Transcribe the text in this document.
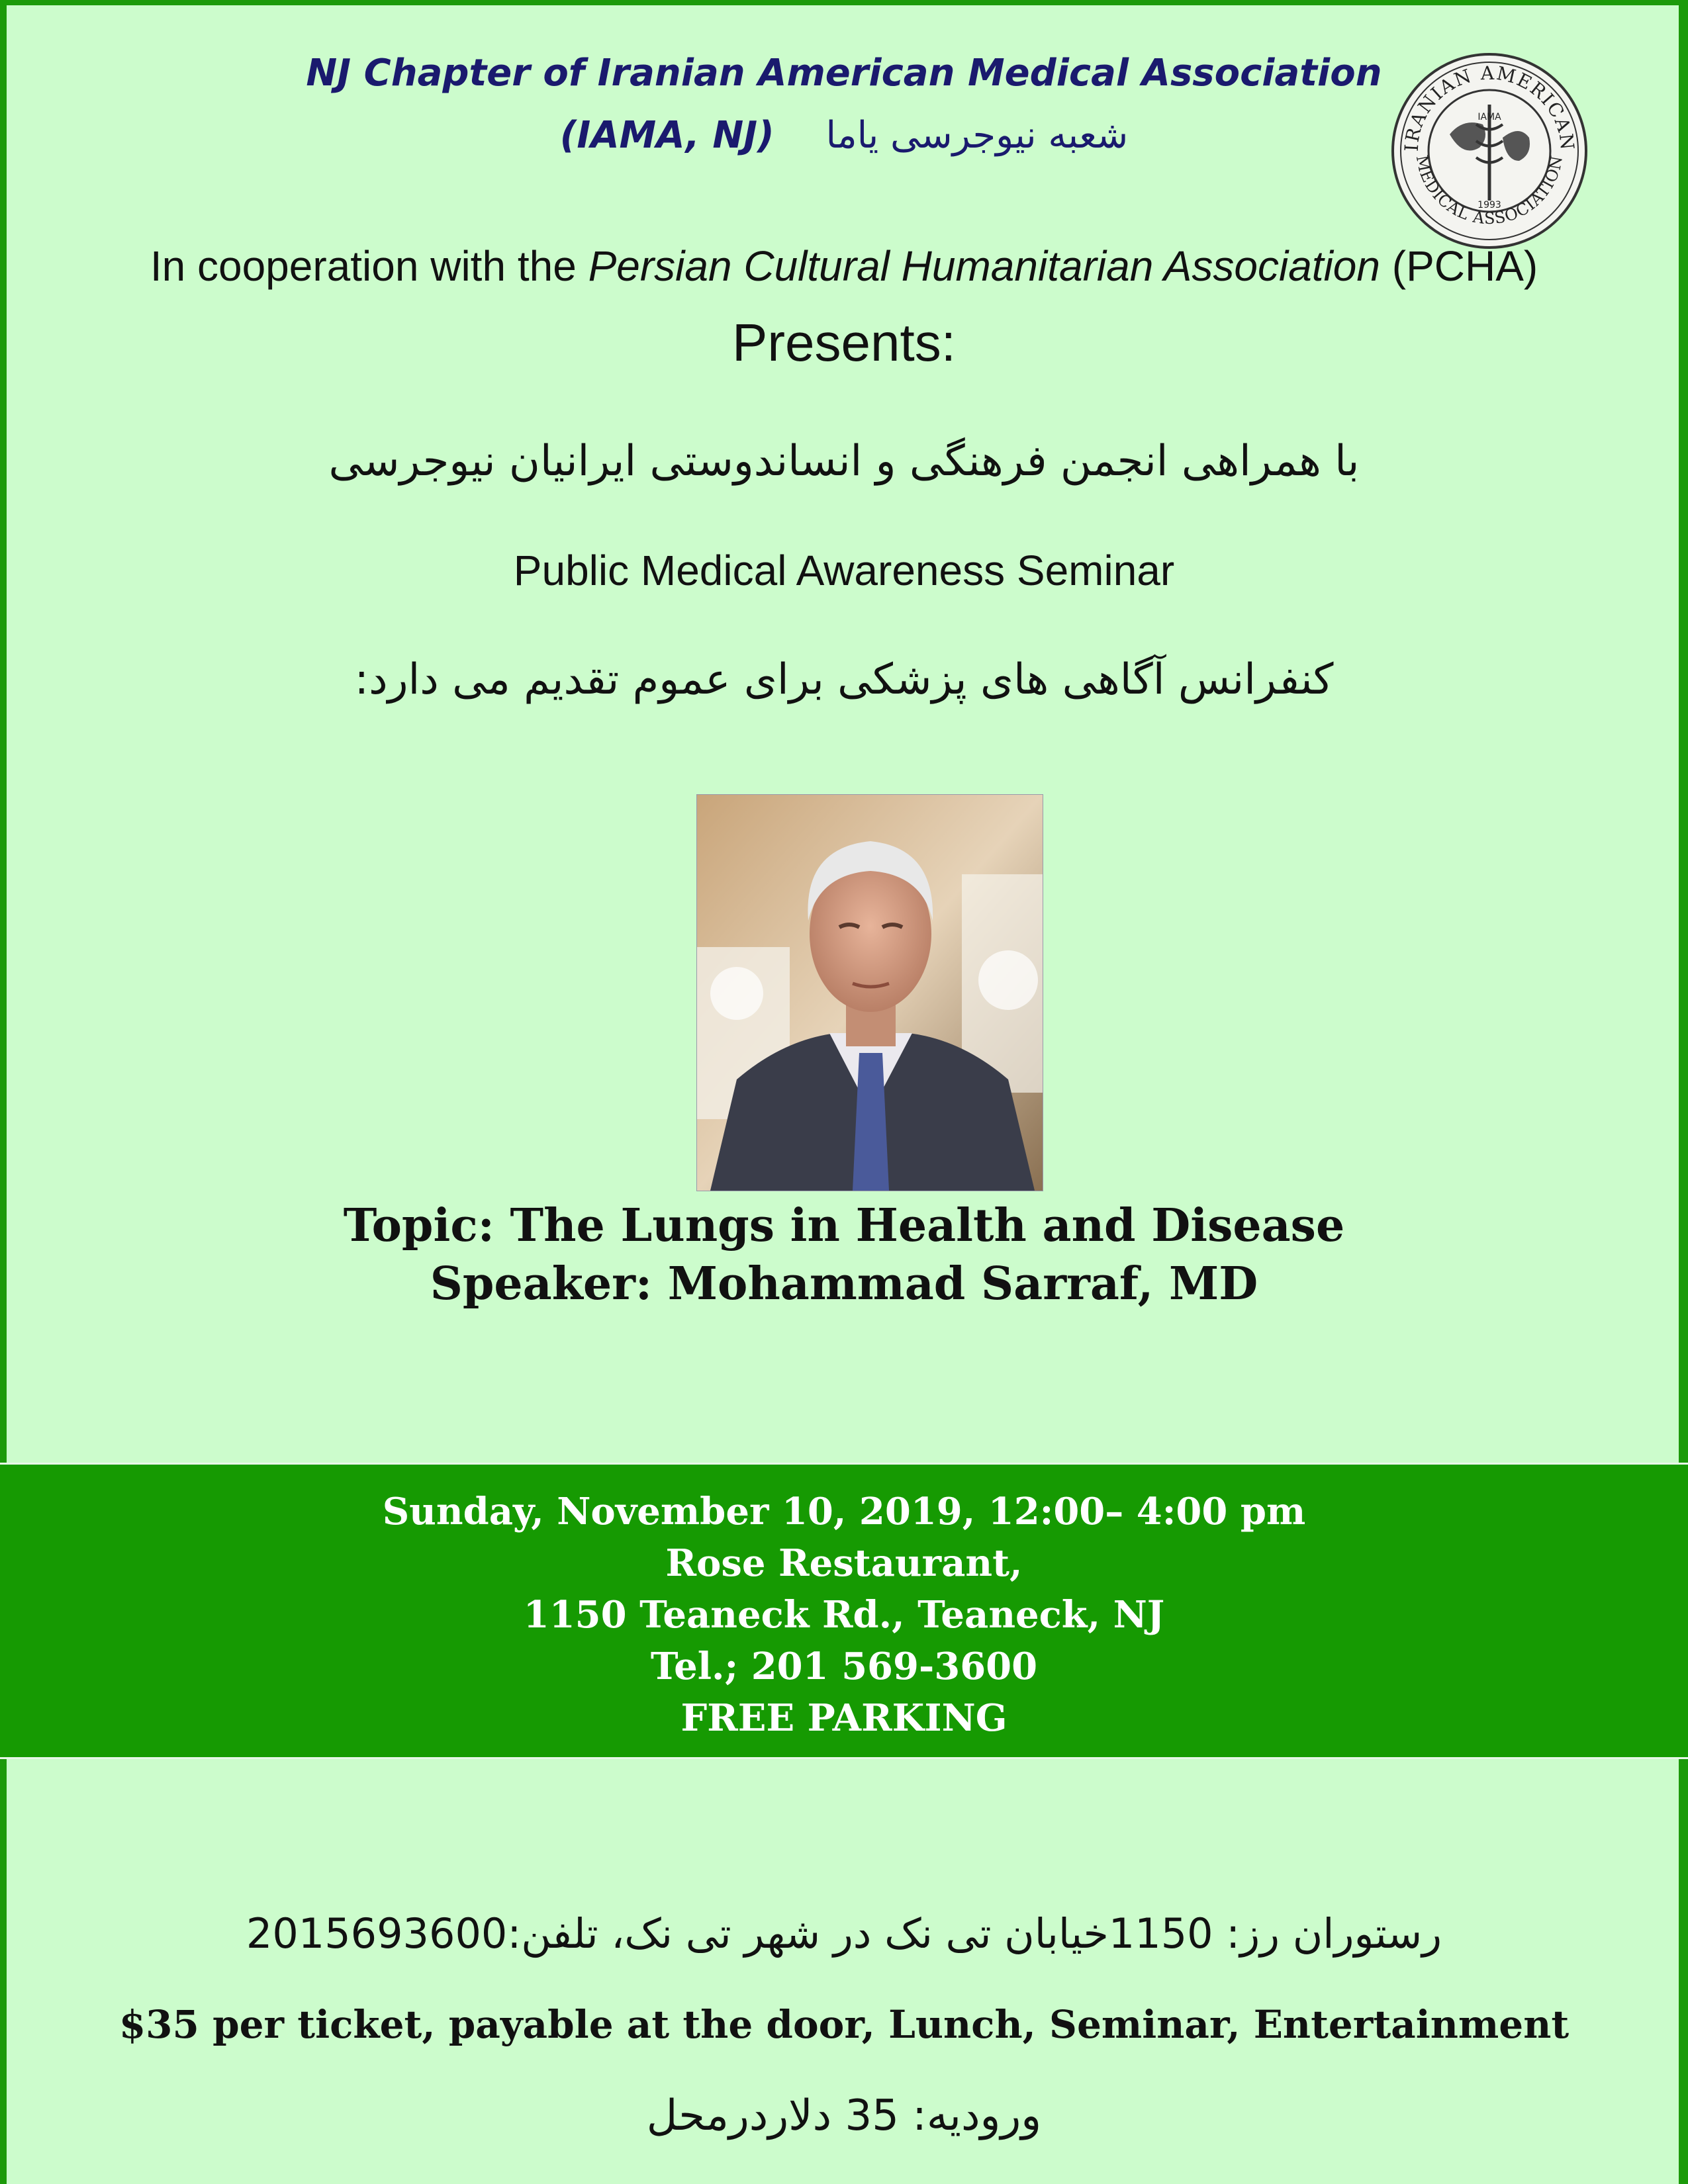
NJ Chapter of Iranian American Medical Association
(IAMA, NJ) شعبه نیوجرسی یاما	IRANIAN AMERICAN
MEDICAL ASSOCIATION
IAMA
1993
In cooperation with the Persian Cultural Humanitarian Association (PCHA)
Presents:
با همراهی انجمن فرهنگی و انساندوستی ایرانیان نیوجرسی
Public Medical Awareness Seminar
کنفرانس آگاهی های پزشکی برای عموم تقدیم می دارد:
Topic: The Lungs in Health and Disease
Speaker: Mohammad Sarraf, MD
Sunday, November 10, 2019, 12:00– 4:00 pm
Rose Restaurant,
1150 Teaneck Rd., Teaneck, NJ
Tel.; 201 569-3600
FREE PARKING
رستوران رز: 1150خیابان تی نک در شهر تی نک، تلفن:2015693600
$35 per ticket, payable at the door, Lunch, Seminar, Entertainment
ورودیه: 35 دلاردرمحل
